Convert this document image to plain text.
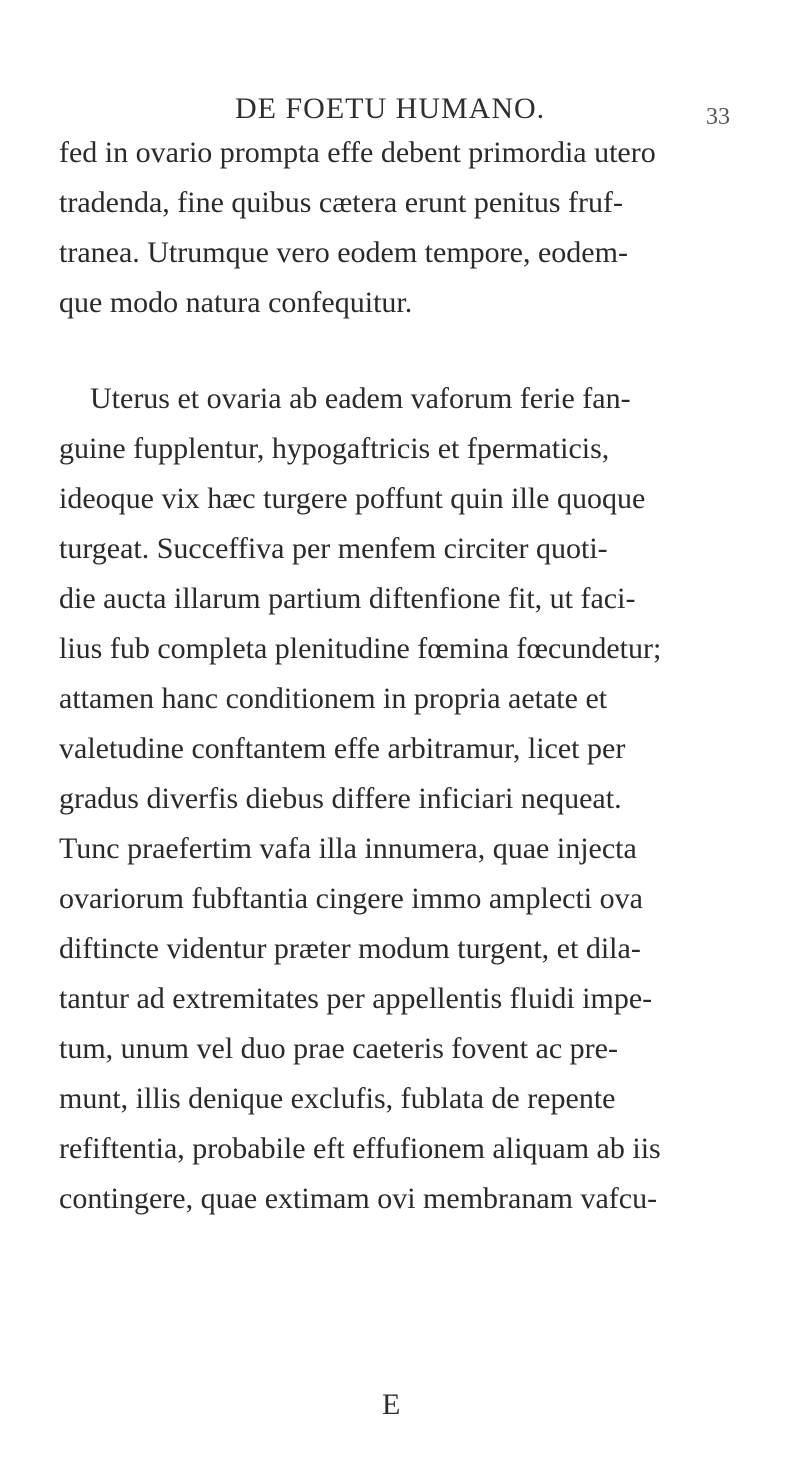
DE FOETU HUMANO.	33
fed in ovario prompta effe debent primordia utero
tradenda, fine quibus cætera erunt penitus fruf-
tranea. Utrumque vero eodem tempore, eodem-
que modo natura confequitur.
Uterus et ovaria ab eadem vaforum ferie fan-
guine fupplentur, hypogaftricis et fpermaticis,
ideoque vix hæc turgere poffunt quin ille quoque
turgeat. Succeffiva per menfem circiter quoti-
die aucta illarum partium diftenfione fit, ut faci-
lius fub completa plenitudine fœmina fœcundetur;
attamen hanc conditionem in propria aetate et
valetudine conftantem effe arbitramur, licet per
gradus diverfis diebus differe inficiari nequeat.
Tunc praefertim vafa illa innumera, quae injecta
ovariorum fubftantia cingere immo amplecti ova
diftincte videntur præter modum turgent, et dila-
tantur ad extremitates per appellentis fluidi impe-
tum, unum vel duo prae caeteris fovent ac pre-
munt, illis denique exclufis, fublata de repente
refiftentia, probabile eft effufionem aliquam ab iis
contingere, quae extimam ovi membranam vafcu-
E
